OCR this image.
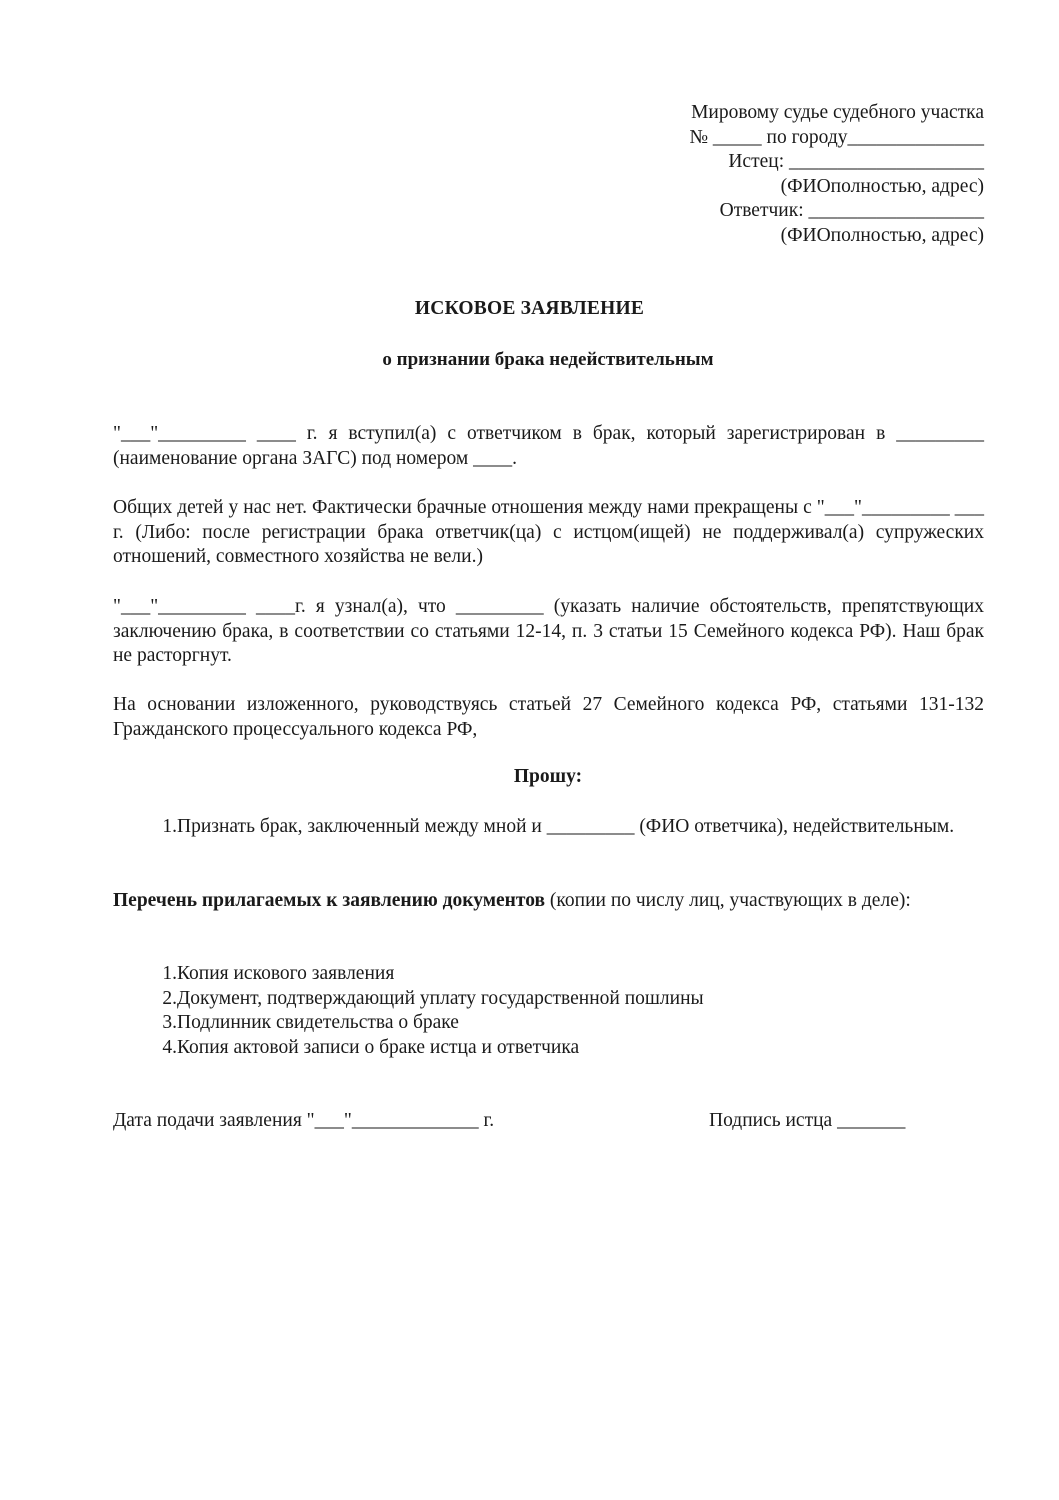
Мировому судье судебного участка
№ _____ по городу______________
Истец: ____________________
(ФИОполностью, адрес)
Ответчик: __________________
(ФИОполностью, адрес)
ИСКОВОЕ ЗАЯВЛЕНИЕ
о признании брака недействительным
"___"_________ ____ г. я вступил(а) с ответчиком в брак, который зарегистрирован в _________ (наименование органа ЗАГС) под номером ____.
Общих детей у нас нет. Фактически брачные отношения между нами прекращены с "___"_________ ___ г. (Либо: после регистрации брака ответчик(ца) с истцом(ищей) не поддерживал(а) супружеских отношений, совместного хозяйства не вели.)
"___"_________ ____г. я узнал(а), что _________ (указать наличие обстоятельств, препятствующих заключению брака, в соответствии со статьями 12-14, п. 3 статьи 15 Семейного кодекса РФ). Наш брак не расторгнут.
На основании изложенного, руководствуясь статьей 27 Семейного кодекса РФ, статьями 131-132 Гражданского процессуального кодекса РФ,
Прошу:
1. Признать брак, заключенный между мной и _________ (ФИО ответчика), недействительным.
Перечень прилагаемых к заявлению документов (копии по числу лиц, участвующих в деле):
1. Копия искового заявления
2. Документ, подтверждающий уплату государственной пошлины
3. Подлинник свидетельства о браке
4. Копия актовой записи о браке истца и ответчика
Дата подачи заявления "___"_____________ г.	Подпись истца _______
